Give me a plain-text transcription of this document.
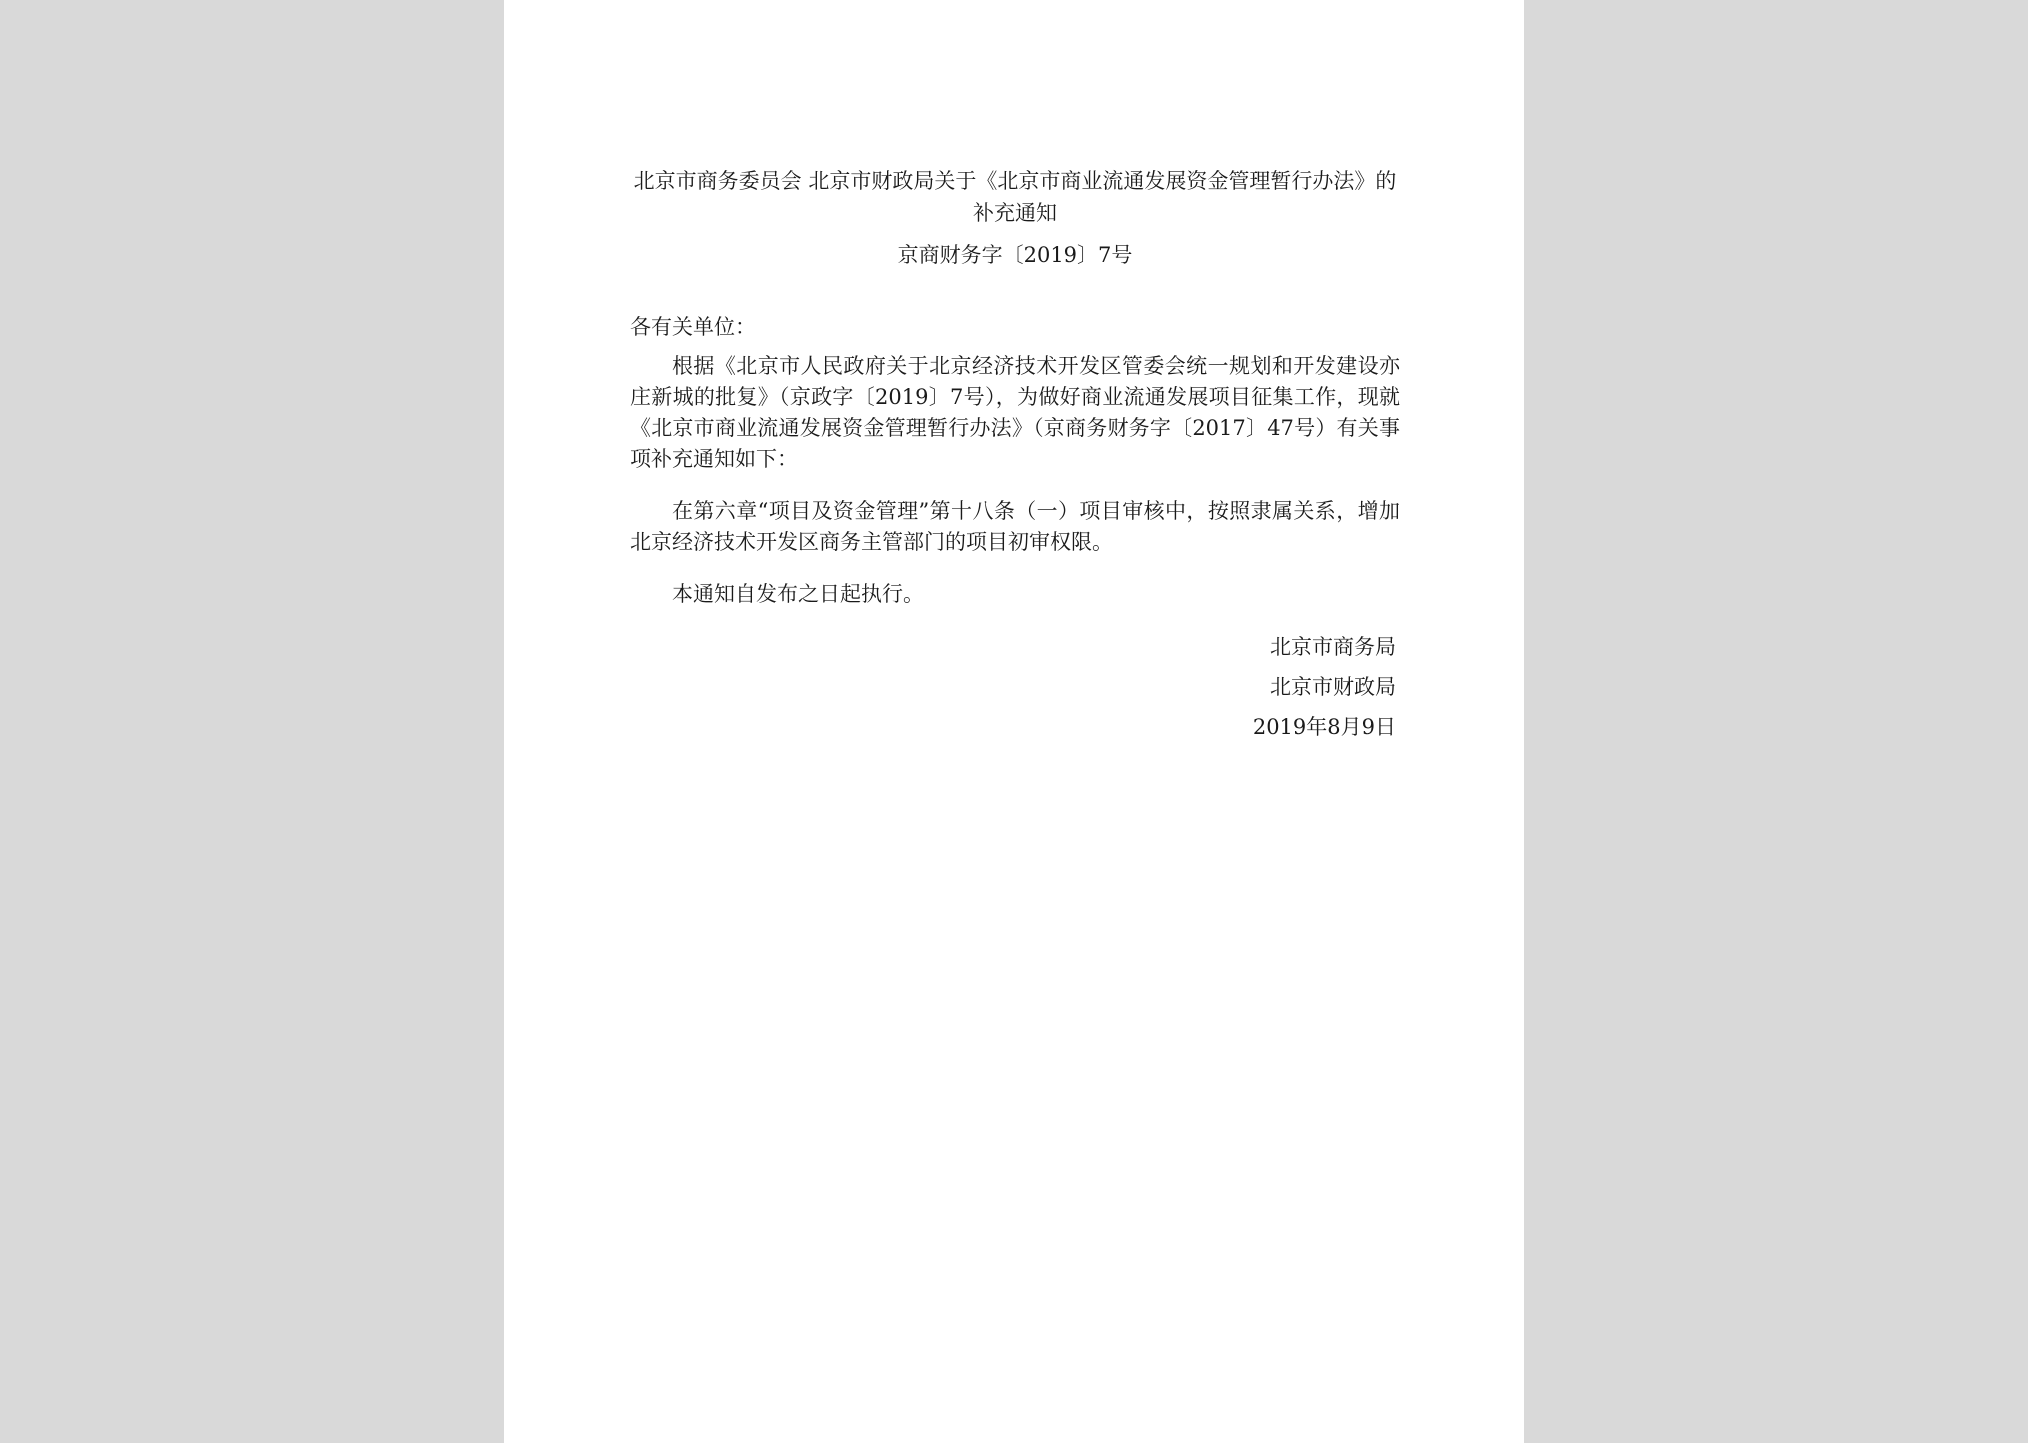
北京市商务委员会 北京市财政局关于《北京市商业流通发展资金管理暂行办法》的补充通知
京商财务字〔2019〕7号
各有关单位：

根据《北京市人民政府关于北京经济技术开发区管委会统一规划和开发建设亦庄新城的批复》（京政字〔2019〕7号），为做好商业流通发展项目征集工作，现就《北京市商业流通发展资金管理暂行办法》（京商务财务字〔2017〕47号）有关事项补充通知如下：

在第六章“项目及资金管理”第十八条（一）项目审核中，按照隶属关系，增加北京经济技术开发区商务主管部门的项目初审权限。

本通知自发布之日起执行。

北京市商务局
北京市财政局
2019年8月9日
